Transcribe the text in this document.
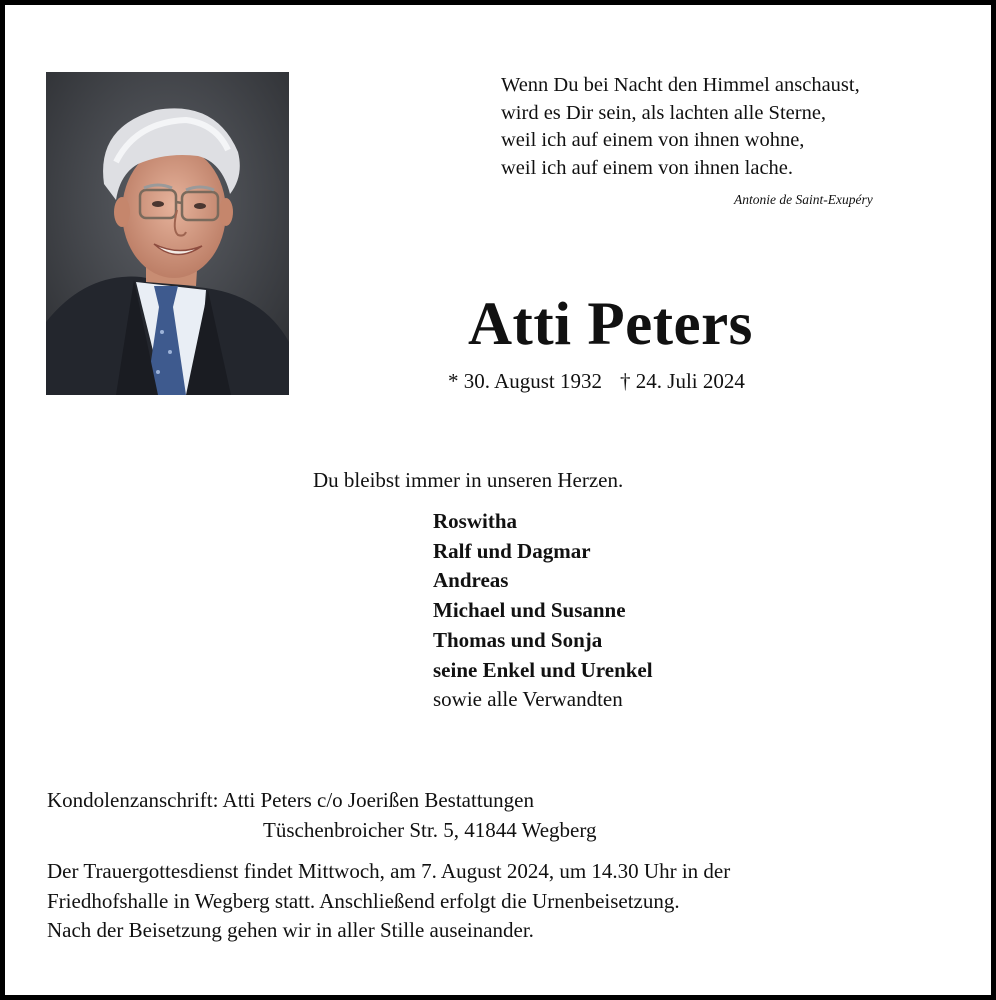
Wenn Du bei Nacht den Himmel anschaust,
wird es Dir sein, als lachten alle Sterne,
weil ich auf einem von ihnen wohne,
weil ich auf einem von ihnen lache.
Antonie de Saint-Exupéry
Atti Peters
* 30. August 1932 † 24. Juli 2024
Du bleibst immer in unseren Herzen.
Roswitha
Ralf und Dagmar
Andreas
Michael und Susanne
Thomas und Sonja
seine Enkel und Urenkel
sowie alle Verwandten
Kondolenzanschrift: Atti Peters c/o Joerißen Bestattungen
Tüschenbroicher Str. 5, 41844 Wegberg
Der Trauergottesdienst findet Mittwoch, am 7. August 2024, um 14.30 Uhr in der
Friedhofshalle in Wegberg statt. Anschließend erfolgt die Urnenbeisetzung.
Nach der Beisetzung gehen wir in aller Stille auseinander.
